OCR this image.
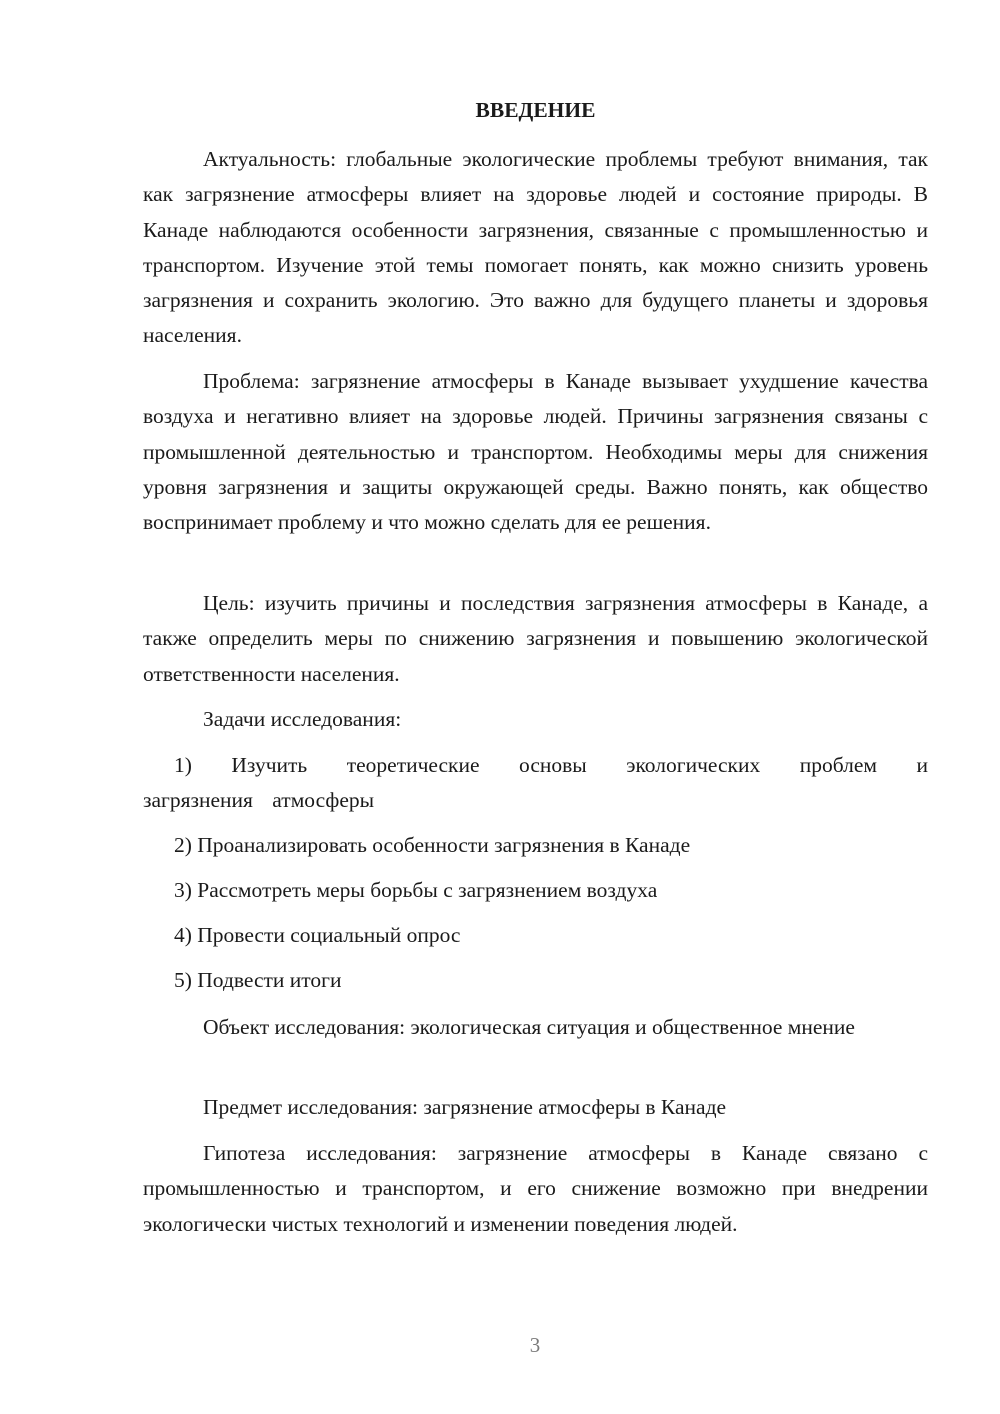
ВВЕДЕНИЕ

Актуальность: глобальные экологические проблемы требуют внимания, так как загрязнение атмосферы влияет на здоровье людей и состояние природы. В Канаде наблюдаются особенности загрязнения, связанные с промышленностью и транспортом. Изучение этой темы помогает понять, как можно снизить уровень загрязнения и сохранить экологию. Это важно для будущего планеты и здоровья населения.

Проблема: загрязнение атмосферы в Канаде вызывает ухудшение качества воздуха и негативно влияет на здоровье людей. Причины загрязнения связаны с промышленной деятельностью и транспортом. Необходимы меры для снижения уровня загрязнения и защиты окружающей среды. Важно понять, как общество воспринимает проблему и что можно сделать для ее решения.

Цель: изучить причины и последствия загрязнения атмосферы в Канаде, а также определить меры по снижению загрязнения и повышению экологической ответственности населения.

Задачи исследования:

1) Изучить теоретические основы экологических проблем и загрязнения атмосферы

2) Проанализировать особенности загрязнения в Канаде

3) Рассмотреть меры борьбы с загрязнением воздуха

4) Провести социальный опрос

5) Подвести итоги

Объект исследования: экологическая ситуация и общественное мнение

Предмет исследования: загрязнение атмосферы в Канаде

Гипотеза исследования: загрязнение атмосферы в Канаде связано с промышленностью и транспортом, и его снижение возможно при внедрении экологически чистых технологий и изменении поведения людей.

3
